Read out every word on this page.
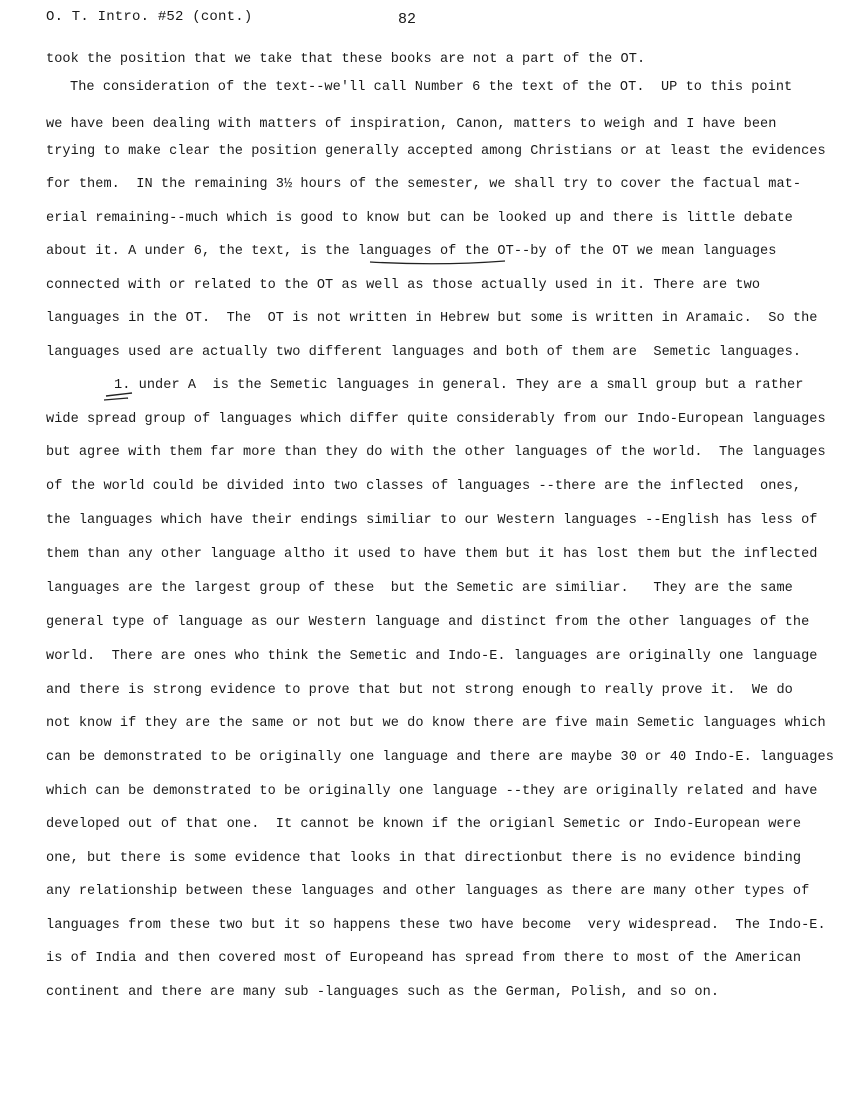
O. T. Intro. #52 (cont.)	82
took the position that we take that these books are not a part of the OT.
The consideration of the text--we'll call Number 6 the text of the OT.  UP to this point
we have been dealing with matters of inspiration, Canon, matters to weigh and I have been
trying to make clear the position generally accepted among Christians or at least the evidences
for them.  IN the remaining 3½ hours of the semester, we shall try to cover the factual mat-
erial remaining--much which is good to know but can be looked up and there is little debate
about it. A under 6, the text, is the languages of the OT--by of the OT we mean languages
connected with or related to the OT as well as those actually used in it. There are two
languages in the OT.  The  OT is not written in Hebrew but some is written in Aramaic.  So the
languages used are actually two different languages and both of them are  Semetic languages.
1. under A  is the Semetic languages in general. They are a small group but a rather
wide spread group of languages which differ quite considerably from our Indo-European languages
but agree with them far more than they do with the other languages of the world.  The languages
of the world could be divided into two classes of languages --there are the inflected  ones,
the languages which have their endings similiar to our Western languages --English has less of
them than any other language altho it used to have them but it has lost them but the inflected
languages are the largest group of these  but the Semetic are similiar.   They are the same
general type of language as our Western language and distinct from the other languages of the
world.  There are ones who think the Semetic and Indo-E. languages are originally one language
and there is strong evidence to prove that but not strong enough to really prove it.  We do
not know if they are the same or not but we do know there are five main Semetic languages which
can be demonstrated to be originally one language and there are maybe 30 or 40 Indo-E. languages
which can be demonstrated to be originally one language --they are originally related and have
developed out of that one.  It cannot be known if the origianl Semetic or Indo-European were
one, but there is some evidence that looks in that directionbut there is no evidence binding
any relationship between these languages and other languages as there are many other types of
languages from these two but it so happens these two have become  very widespread.  The Indo-E.
is of India and then covered most of Europeand has spread from there to most of the American
continent and there are many sub -languages such as the German, Polish, and so on.
